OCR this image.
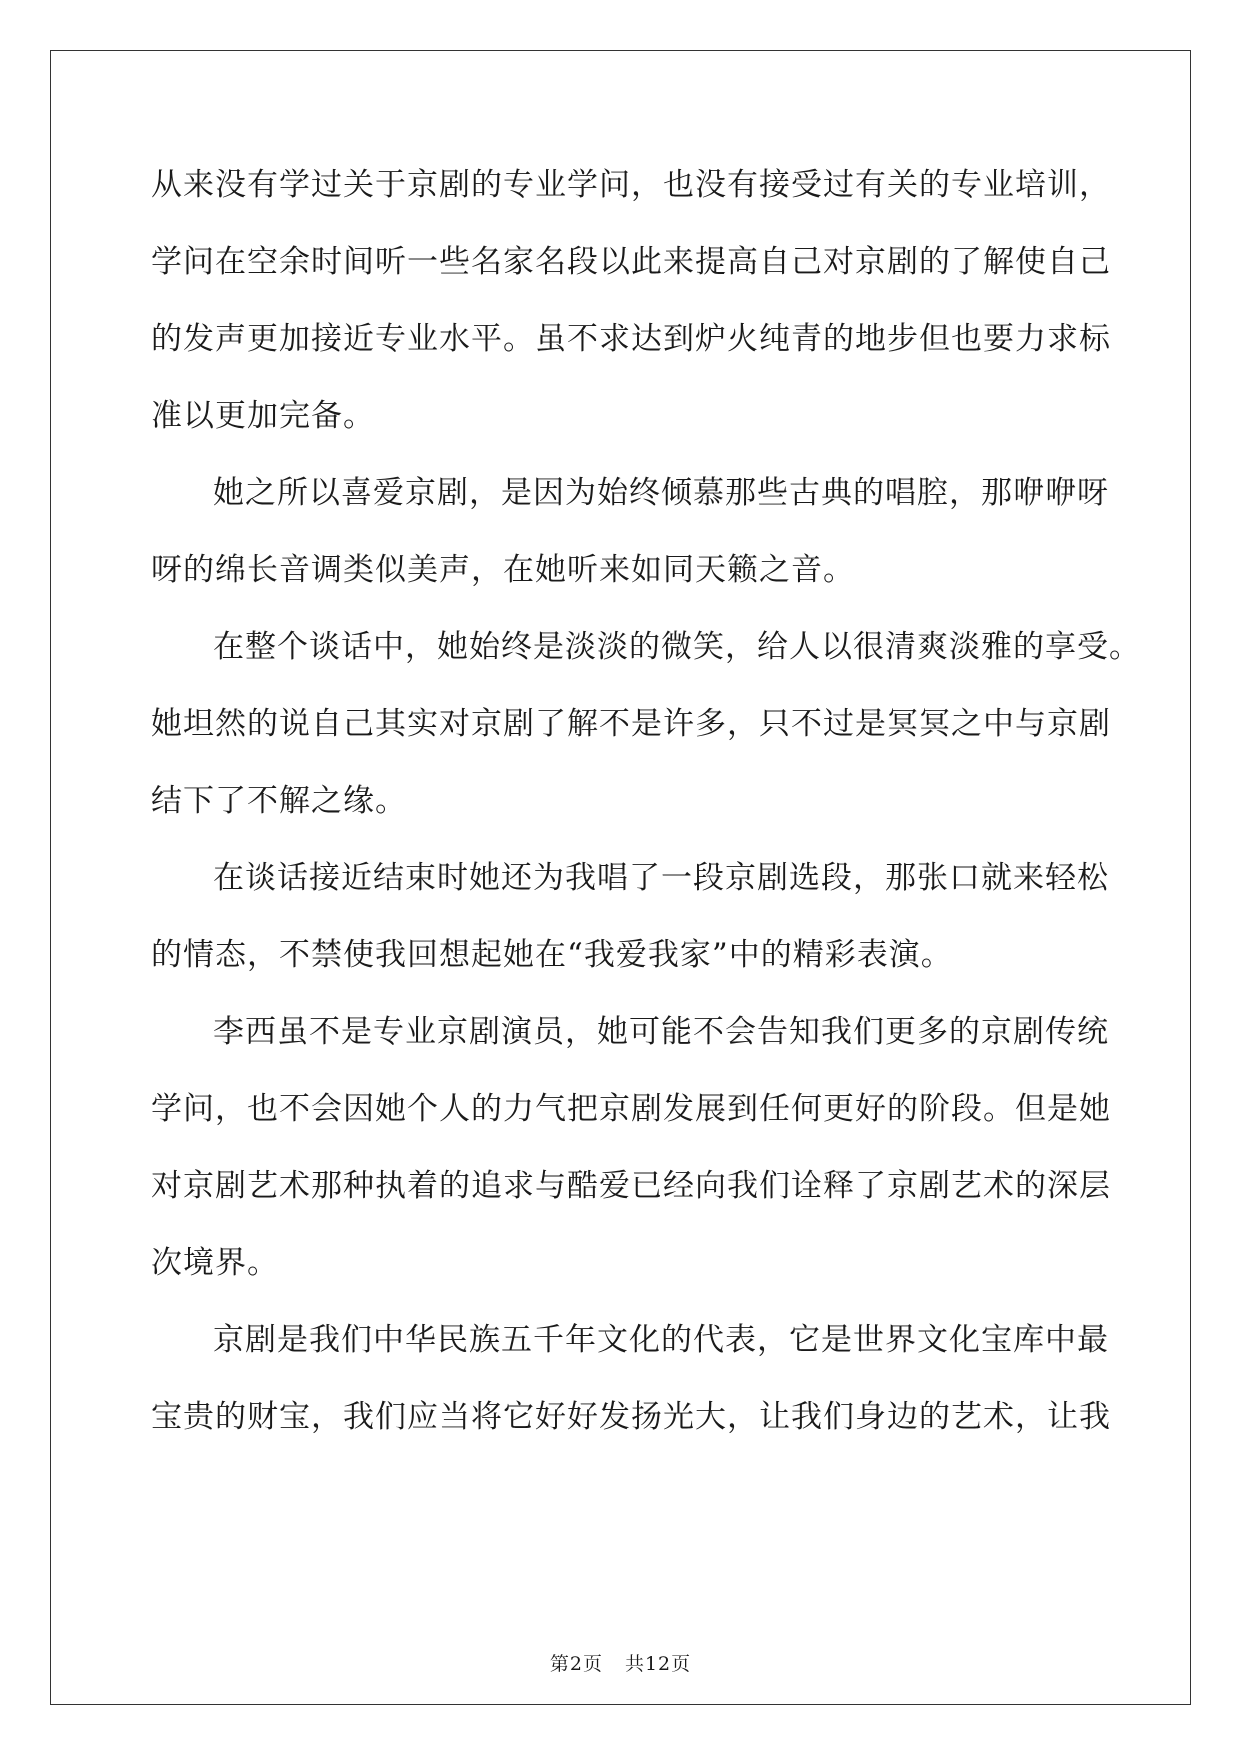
从来没有学过关于京剧的专业学问，也没有接受过有关的专业培训，
学问在空余时间听一些名家名段以此来提高自己对京剧的了解使自己
的发声更加接近专业水平。虽不求达到炉火纯青的地步但也要力求标
准以更加完备。
她之所以喜爱京剧，是因为始终倾慕那些古典的唱腔，那咿咿呀
呀的绵长音调类似美声，在她听来如同天籁之音。
在整个谈话中，她始终是淡淡的微笑，给人以很清爽淡雅的享受。
她坦然的说自己其实对京剧了解不是许多，只不过是冥冥之中与京剧
结下了不解之缘。
在谈话接近结束时她还为我唱了一段京剧选段，那张口就来轻松
的情态，不禁使我回想起她在“我爱我家”中的精彩表演。
李西虽不是专业京剧演员，她可能不会告知我们更多的京剧传统
学问，也不会因她个人的力气把京剧发展到任何更好的阶段。但是她
对京剧艺术那种执着的追求与酷爱已经向我们诠释了京剧艺术的深层
次境界。
京剧是我们中华民族五千年文化的代表，它是世界文化宝库中最
宝贵的财宝，我们应当将它好好发扬光大，让我们身边的艺术，让我
第2页 共12页
